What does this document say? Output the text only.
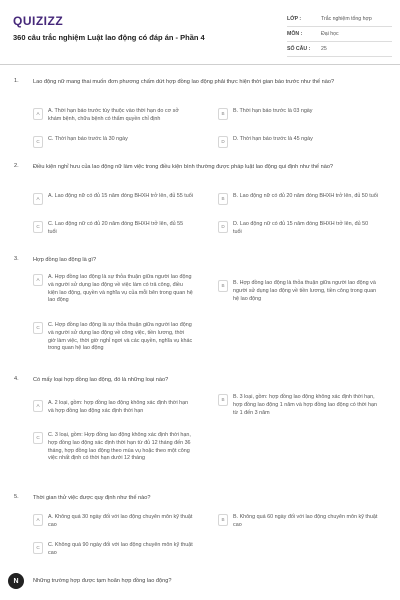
QUIZIZZ
360 câu trắc nghiệm Luật lao động có đáp án - Phần 4
LỚP :	Trắc nghiệm tổng hợp
MÔN :	Đại học
SỐ CÂU :	25
1.	Lao động nữ mang thai muốn đơn phương chấm dứt hợp đồng lao động phải thực hiện thời gian báo trước như thế nào?
A	A. Thời hạn báo trước tùy thuộc vào thời hạn do cơ sở khám bệnh, chữa bệnh có thẩm quyền chỉ định
B	B. Thời hạn báo trước là 03 ngày
C	C. Thời hạn báo trước là 30 ngày	D	D. Thời hạn báo trước là 45 ngày
2.	Điều kiện nghỉ hưu của lao động nữ làm việc trong điều kiện bình thường được pháp luật lao động qui định như thế nào?
A	A. Lao động nữ có đủ 15 năm đóng BHXH trở lên, đủ 55 tuổi	B	B. Lao động nữ có đủ 20 năm đóng BHXH trở lên, đủ 50 tuổi
C	C. Lao động nữ có đủ 20 năm đóng BHXH trở lên, đủ 55 tuổi
D	D. Lao động nữ có đủ 15 năm đóng BHXH trở lên, đủ 50 tuổi
3.	Hợp đồng lao động là gì?
A	A. Hợp đồng lao động là sự thỏa thuận giữa người lao động và người sử dụng lao động về việc làm có trả công, điều kiện lao động, quyền và nghĩa vụ của mỗi bên trong quan hệ lao động
B	B. Hợp đồng lao động là thỏa thuận giữa người lao động và người sử dụng lao động về tiền lương, tiền công trong quan hệ lao động
C	C. Hợp đồng lao động là sự thỏa thuận giữa người lao động và người sử dụng lao động về công việc, tiền lương, thời giờ làm việc, thời giờ nghỉ ngơi và các quyền, nghĩa vụ khác trong quan hệ lao động
4.	Có mấy loại hợp đồng lao động, đó là những loại nào?
A	A. 2 loại, gồm: hợp đồng lao động không xác định thời hạn và hợp đồng lao động xác định thời hạn
B	B. 3 loại, gồm: hợp đồng lao động không xác định thời hạn, hợp đồng lao động 1 năm và hợp đồng lao động có thời hạn từ 1 đến 3 năm
C	C. 3 loại, gồm: Hợp đồng lao động không xác định thời hạn, hợp đồng lao động xác định thời hạn từ đủ 12 tháng đến 36 tháng, hợp đồng lao động theo mùa vụ hoặc theo một công việc nhất định có thời hạn dưới 12 tháng
5.	Thời gian thử việc được quy định như thế nào?
A	A. Không quá 30 ngày đối với lao động chuyên môn kỹ thuật cao
B	B. Không quá 60 ngày đối với lao động chuyên môn kỹ thuật cao
C	C. Không quá 90 ngày đối với lao động chuyên môn kỹ thuật cao
Những trường hợp được tạm hoãn hợp đồng lao động?
N
